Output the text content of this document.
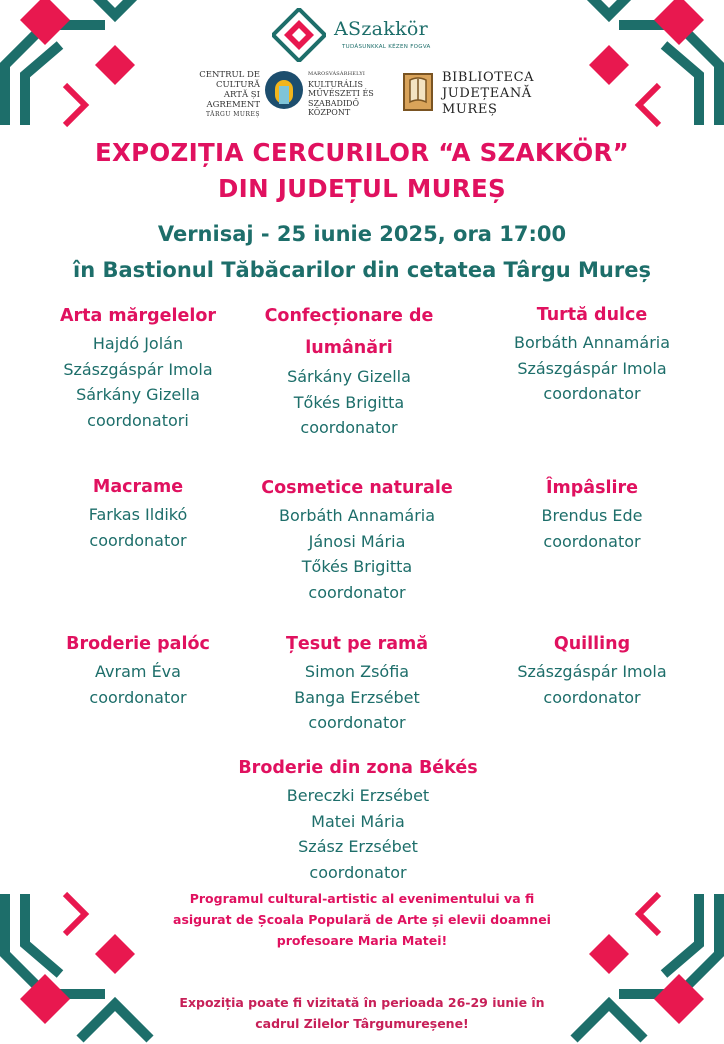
ASzakkör
TUDÁSUNKKAL KÉZEN FOGVA
CENTRUL DE
CULTURĂ
ARTĂ ȘI
AGREMENT
TÂRGU MUREȘ
MAROSVÁSÁRHELYI
KULTURÁLIS
MŰVÉSZETI ÉS
SZABADIDŐ
KÖZPONT
BIBLIOTECA
JUDEȚEANĂ
MUREȘ
EXPOZIȚIA CERCURILOR “A SZAKKÖR”
DIN JUDEȚUL MUREȘ
Vernisaj - 25 iunie 2025, ora 17:00
în Bastionul Tăbăcarilor din cetatea Târgu Mureș
Arta mărgelelor
Hajdó Jolán
Szászgáspár Imola
Sárkány Gizella
coordonatori
Confecționare de lumânări
Sárkány Gizella
Tőkés Brigitta
coordonator
Turtă dulce
Borbáth Annamária
Szászgáspár Imola
coordonator
Macrame
Farkas Ildikó
coordonator
Cosmetice naturale
Borbáth Annamária
Jánosi Mária
Tőkés Brigitta
coordonator
Împâslire
Brendus Ede
coordonator
Broderie palóc
Avram Éva
coordonator
Țesut pe ramă
Simon Zsófia
Banga Erzsébet
coordonator
Quilling
Szászgáspár Imola
coordonator
Broderie din zona Békés
Bereczki Erzsébet
Matei Mária
Szász Erzsébet
coordonator
Programul cultural-artistic al evenimentului va fi asigurat de Școala Populară de Arte și elevii doamnei profesoare Maria Matei!
Expoziția poate fi vizitată în perioada 26-29 iunie în cadrul Zilelor Târgumureșene!
